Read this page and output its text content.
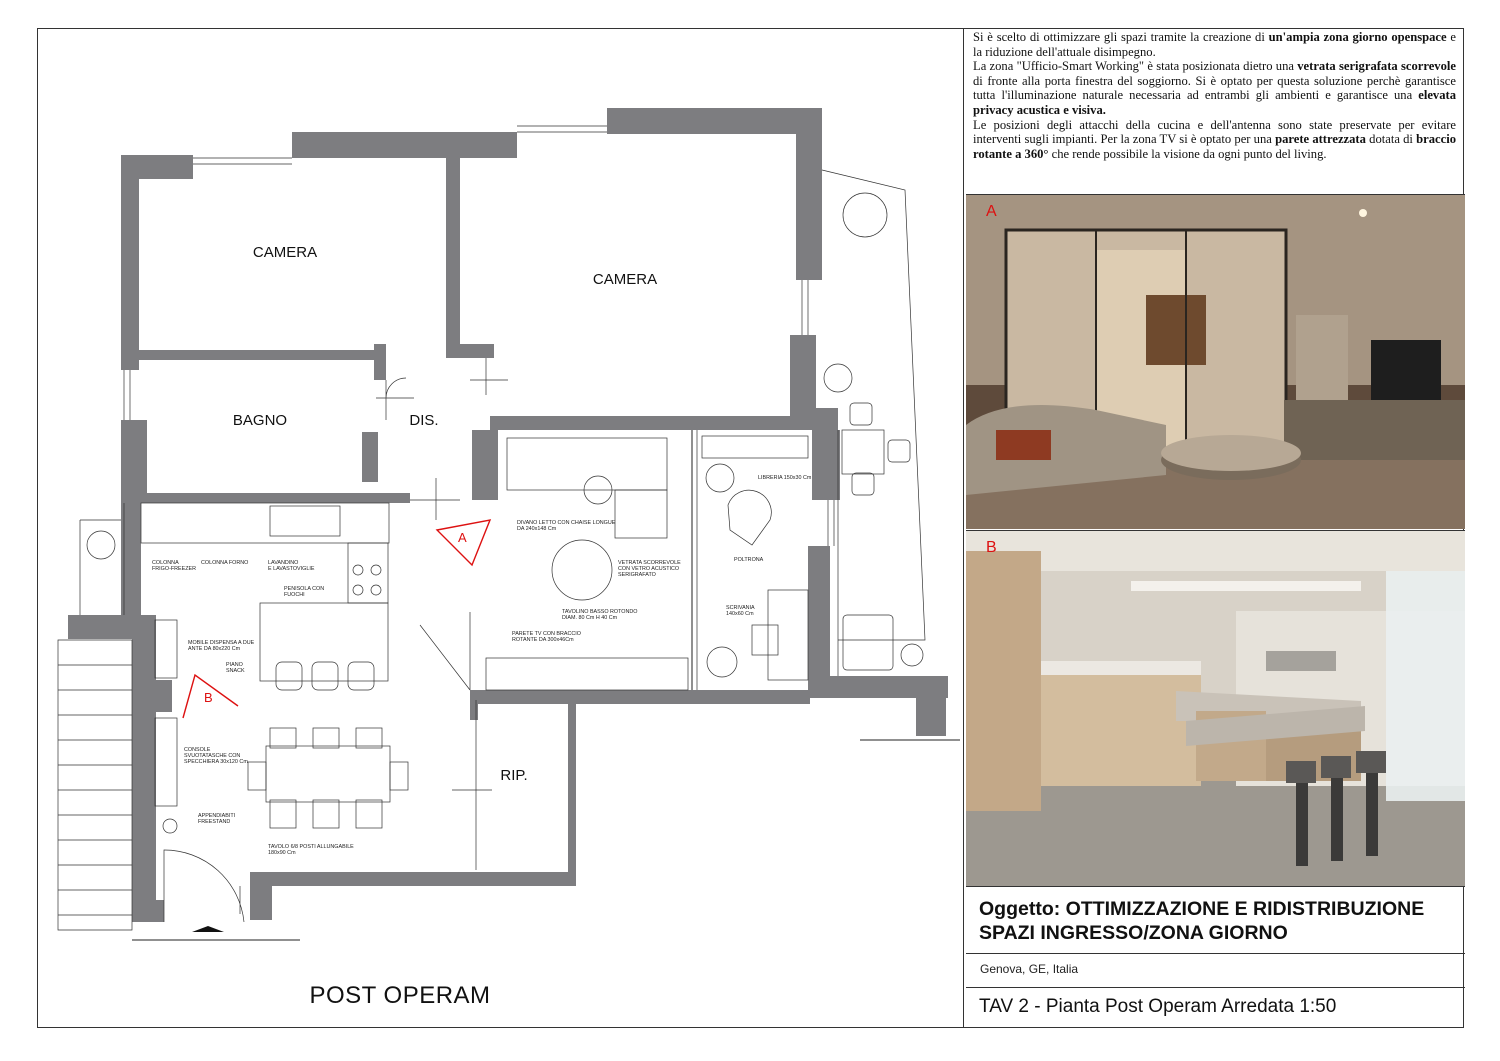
A
B
CAMERA
CAMERA
BAGNO	DIS.
RIP.
COLONNA FRIGO-FREEZER
COLONNA FORNO	LAVANDINO E LAVASTOVIGLIE
PENISOLA CON FUOCHI
MOBILE DISPENSA A DUE ANTE DA 80x220 Cm
PIANO SNACK
CONSOLE SVUOTATASCHE CON SPECCHIERA 30x120 Cm
APPENDIABITI FREESTAND
TAVOLO 6/8 POSTI ALLUNGABILE 180x90 Cm
DIVANO LETTO CON CHAISE LONGUE DA 240x148 Cm
TAVOLINO BASSO ROTONDO DIAM. 80 Cm H 40 Cm
PARETE TV CON BRACCIO ROTANTE DA 300x46Cm
VETRATA SCORREVOLE CON VETRO ACUSTICO SERIGRAFATO
LIBRERIA 150x30 Cm
POLTRONA
SCRIVANIA 140x60 Cm
POST OPERAM

Si è scelto di ottimizzare gli spazi tramite la creazione di un'ampia zona giorno openspace e la riduzione dell'attuale disimpegno.

La zona "Ufficio-Smart Working" è stata posizionata dietro una vetrata serigrafata scorrevole di fronte alla porta finestra del soggiorno. Si è optato per questa soluzione perchè garantisce tutta l'illuminazione naturale necessaria ad entrambi gli ambienti e garantisce una elevata privacy acustica e visiva.

Le posizioni degli attacchi della cucina e dell'antenna sono state preservate per evitare interventi sugli impianti. Per la zona TV si è optato per una parete attrezzata dotata di braccio rotante a 360° che rende possibile la visione da ogni punto del living.

A
B
Oggetto: OTTIMIZZAZIONE E RIDISTRIBUZIONE
SPAZI INGRESSO/ZONA GIORNO
Genova, GE, Italia
TAV 2 - Pianta Post Operam Arredata 1:50
